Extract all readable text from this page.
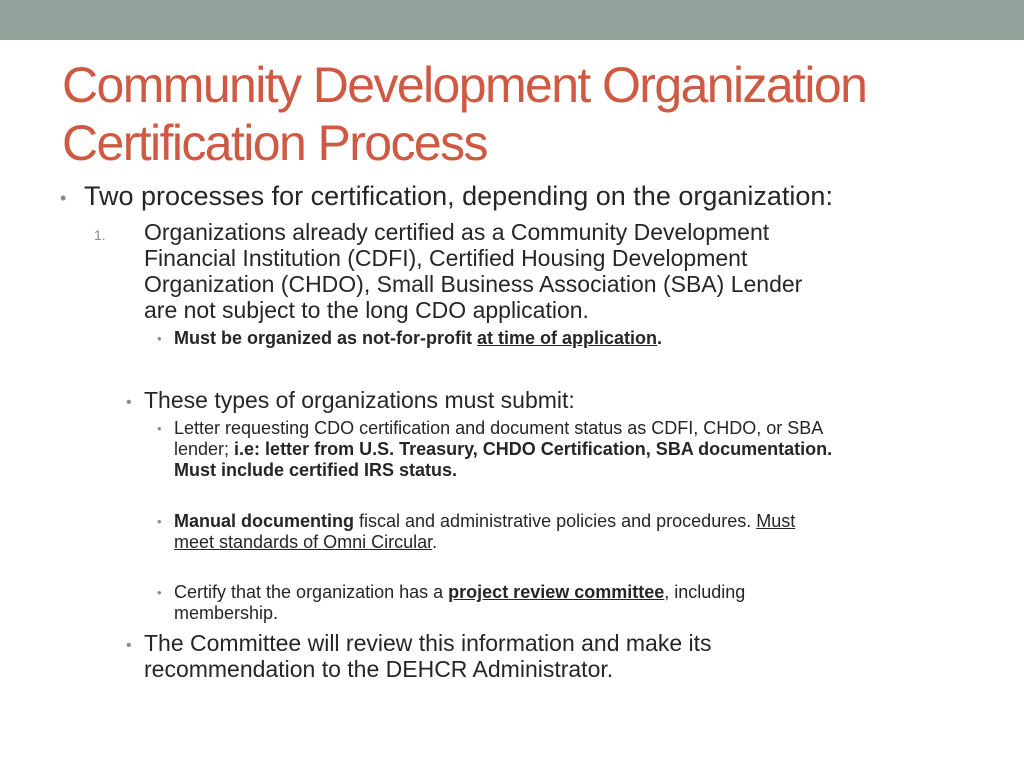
Community Development Organization
Certification Process
• Two processes for certification, depending on the organization:
1. Organizations already certified as a Community Development
Financial Institution (CDFI), Certified Housing Development
Organization (CHDO), Small Business Association (SBA) Lender
are not subject to the long CDO application.
• Must be organized as not-for-profit at time of application.
• These types of organizations must submit:
• Letter requesting CDO certification and document status as CDFI, CHDO, or SBA
lender; i.e: letter from U.S. Treasury, CHDO Certification, SBA documentation.
Must include certified IRS status.
• Manual documenting fiscal and administrative policies and procedures. Must
meet standards of Omni Circular.
• Certify that the organization has a project review committee, including
membership.
• The Committee will review this information and make its
recommendation to the DEHCR Administrator.
